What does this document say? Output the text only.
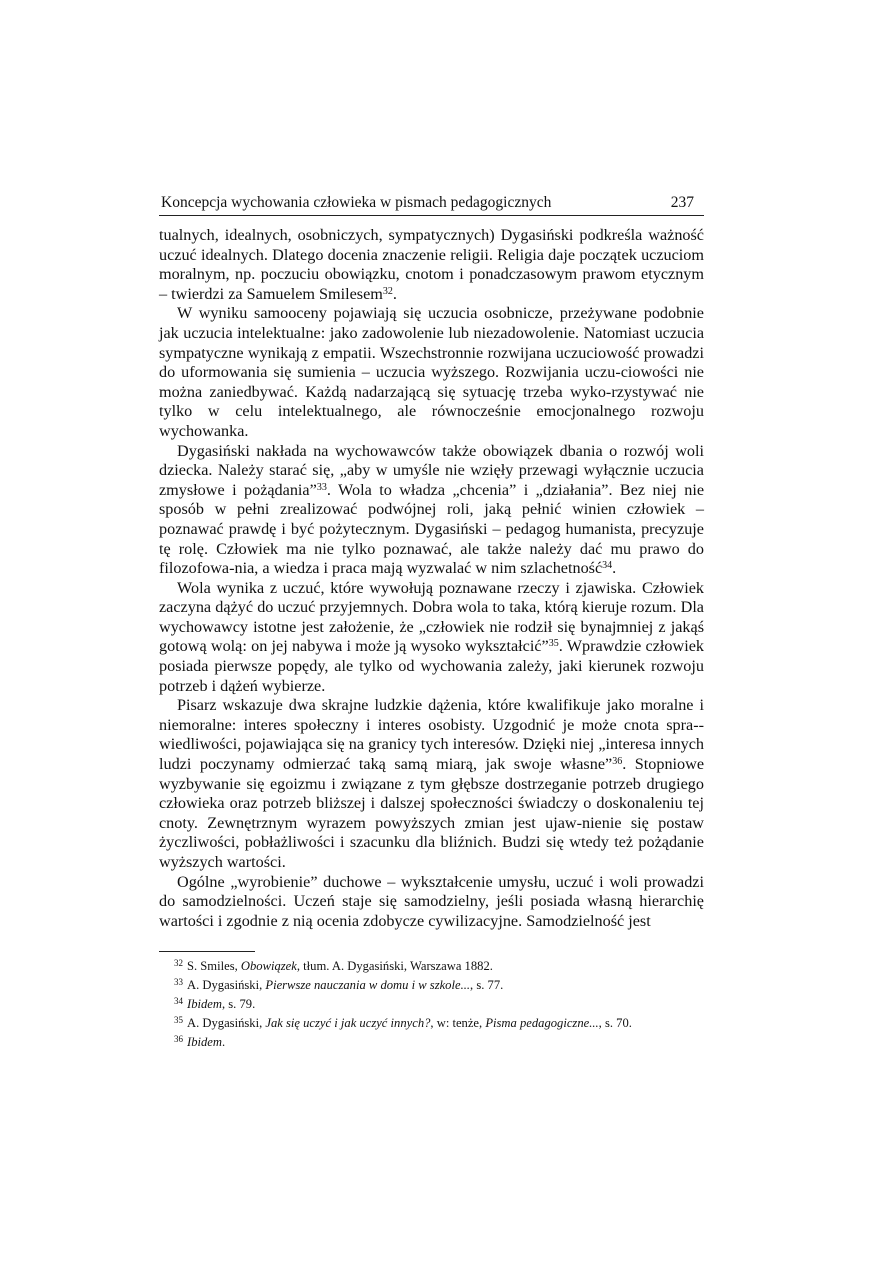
Koncepcja wychowania człowieka w pismach pedagogicznych	237

tualnych, idealnych, osobniczych, sympatycznych) Dygasiński podkreśla ważność uczuć idealnych. Dlatego docenia znaczenie religii. Religia daje początek uczuciom moralnym, np. poczuciu obowiązku, cnotom i ponadczasowym prawom etycznym – twierdzi za Samuelem Smilesem$^{32}$.

W wyniku samooceny pojawiają się uczucia osobnicze, przeżywane podobnie jak uczucia intelektualne: jako zadowolenie lub niezadowolenie. Natomiast uczucia sympatyczne wynikają z empatii. Wszechstronnie rozwijana uczuciowość prowadzi do uformowania się sumienia – uczucia wyższego. Rozwijania uczu-ciowości nie można zaniedbywać. Każdą nadarzającą się sytuację trzeba wyko-rzystywać nie tylko w celu intelektualnego, ale równocześnie emocjonalnego rozwoju wychowanka.

Dygasiński nakłada na wychowawców także obowiązek dbania o rozwój woli dziecka. Należy starać się, „aby w umyśle nie wzięły przewagi wyłącznie uczucia zmysłowe i pożądania”$^{33}$. Wola to władza „chcenia” i „działania”. Bez niej nie sposób w pełni zrealizować podwójnej roli, jaką pełnić winien człowiek – poznawać prawdę i być pożytecznym. Dygasiński – pedagog humanista, precyzuje tę rolę. Człowiek ma nie tylko poznawać, ale także należy dać mu prawo do filozofowa-nia, a wiedza i praca mają wyzwalać w nim szlachetność$^{34}$.

Wola wynika z uczuć, które wywołują poznawane rzeczy i zjawiska. Człowiek zaczyna dążyć do uczuć przyjemnych. Dobra wola to taka, którą kieruje rozum. Dla wychowawcy istotne jest założenie, że „człowiek nie rodził się bynajmniej z jakąś gotową wolą: on jej nabywa i może ją wysoko wykształcić”$^{35}$. Wprawdzie człowiek posiada pierwsze popędy, ale tylko od wychowania zależy, jaki kierunek rozwoju potrzeb i dążeń wybierze.

Pisarz wskazuje dwa skrajne ludzkie dążenia, które kwalifikuje jako moralne i niemoralne: interes społeczny i interes osobisty. Uzgodnić je może cnota spra-wiedliwości, pojawiająca się na granicy tych interesów. Dzięki niej „interesa innych ludzi poczynamy odmierzać taką samą miarą, jak swoje własne”$^{36}$. Stopniowe wyzbywanie się egoizmu i związane z tym głębsze dostrzeganie potrzeb drugiego człowieka oraz potrzeb bliższej i dalszej społeczności świadczy o doskonaleniu tej cnoty. Zewnętrznym wyrazem powyższych zmian jest ujaw-nienie się postaw życzliwości, pobłażliwości i szacunku dla bliźnich. Budzi się wtedy też pożądanie wyższych wartości.

Ogólne „wyrobienie” duchowe – wykształcenie umysłu, uczuć i woli prowadzi do samodzielności. Uczeń staje się samodzielny, jeśli posiada własną hierarchię wartości i zgodnie z nią ocenia zdobycze cywilizacyjne. Samodzielność jest

$^{32}$ S. Smiles, Obowiązek, tłum. A. Dygasiński, Warszawa 1882.
$^{33}$ A. Dygasiński, Pierwsze nauczania w domu i w szkole..., s. 77.
$^{34}$ Ibidem, s. 79.
$^{35}$ A. Dygasiński, Jak się uczyć i jak uczyć innych?, w: tenże, Pisma pedagogiczne..., s. 70.
$^{36}$ Ibidem.
